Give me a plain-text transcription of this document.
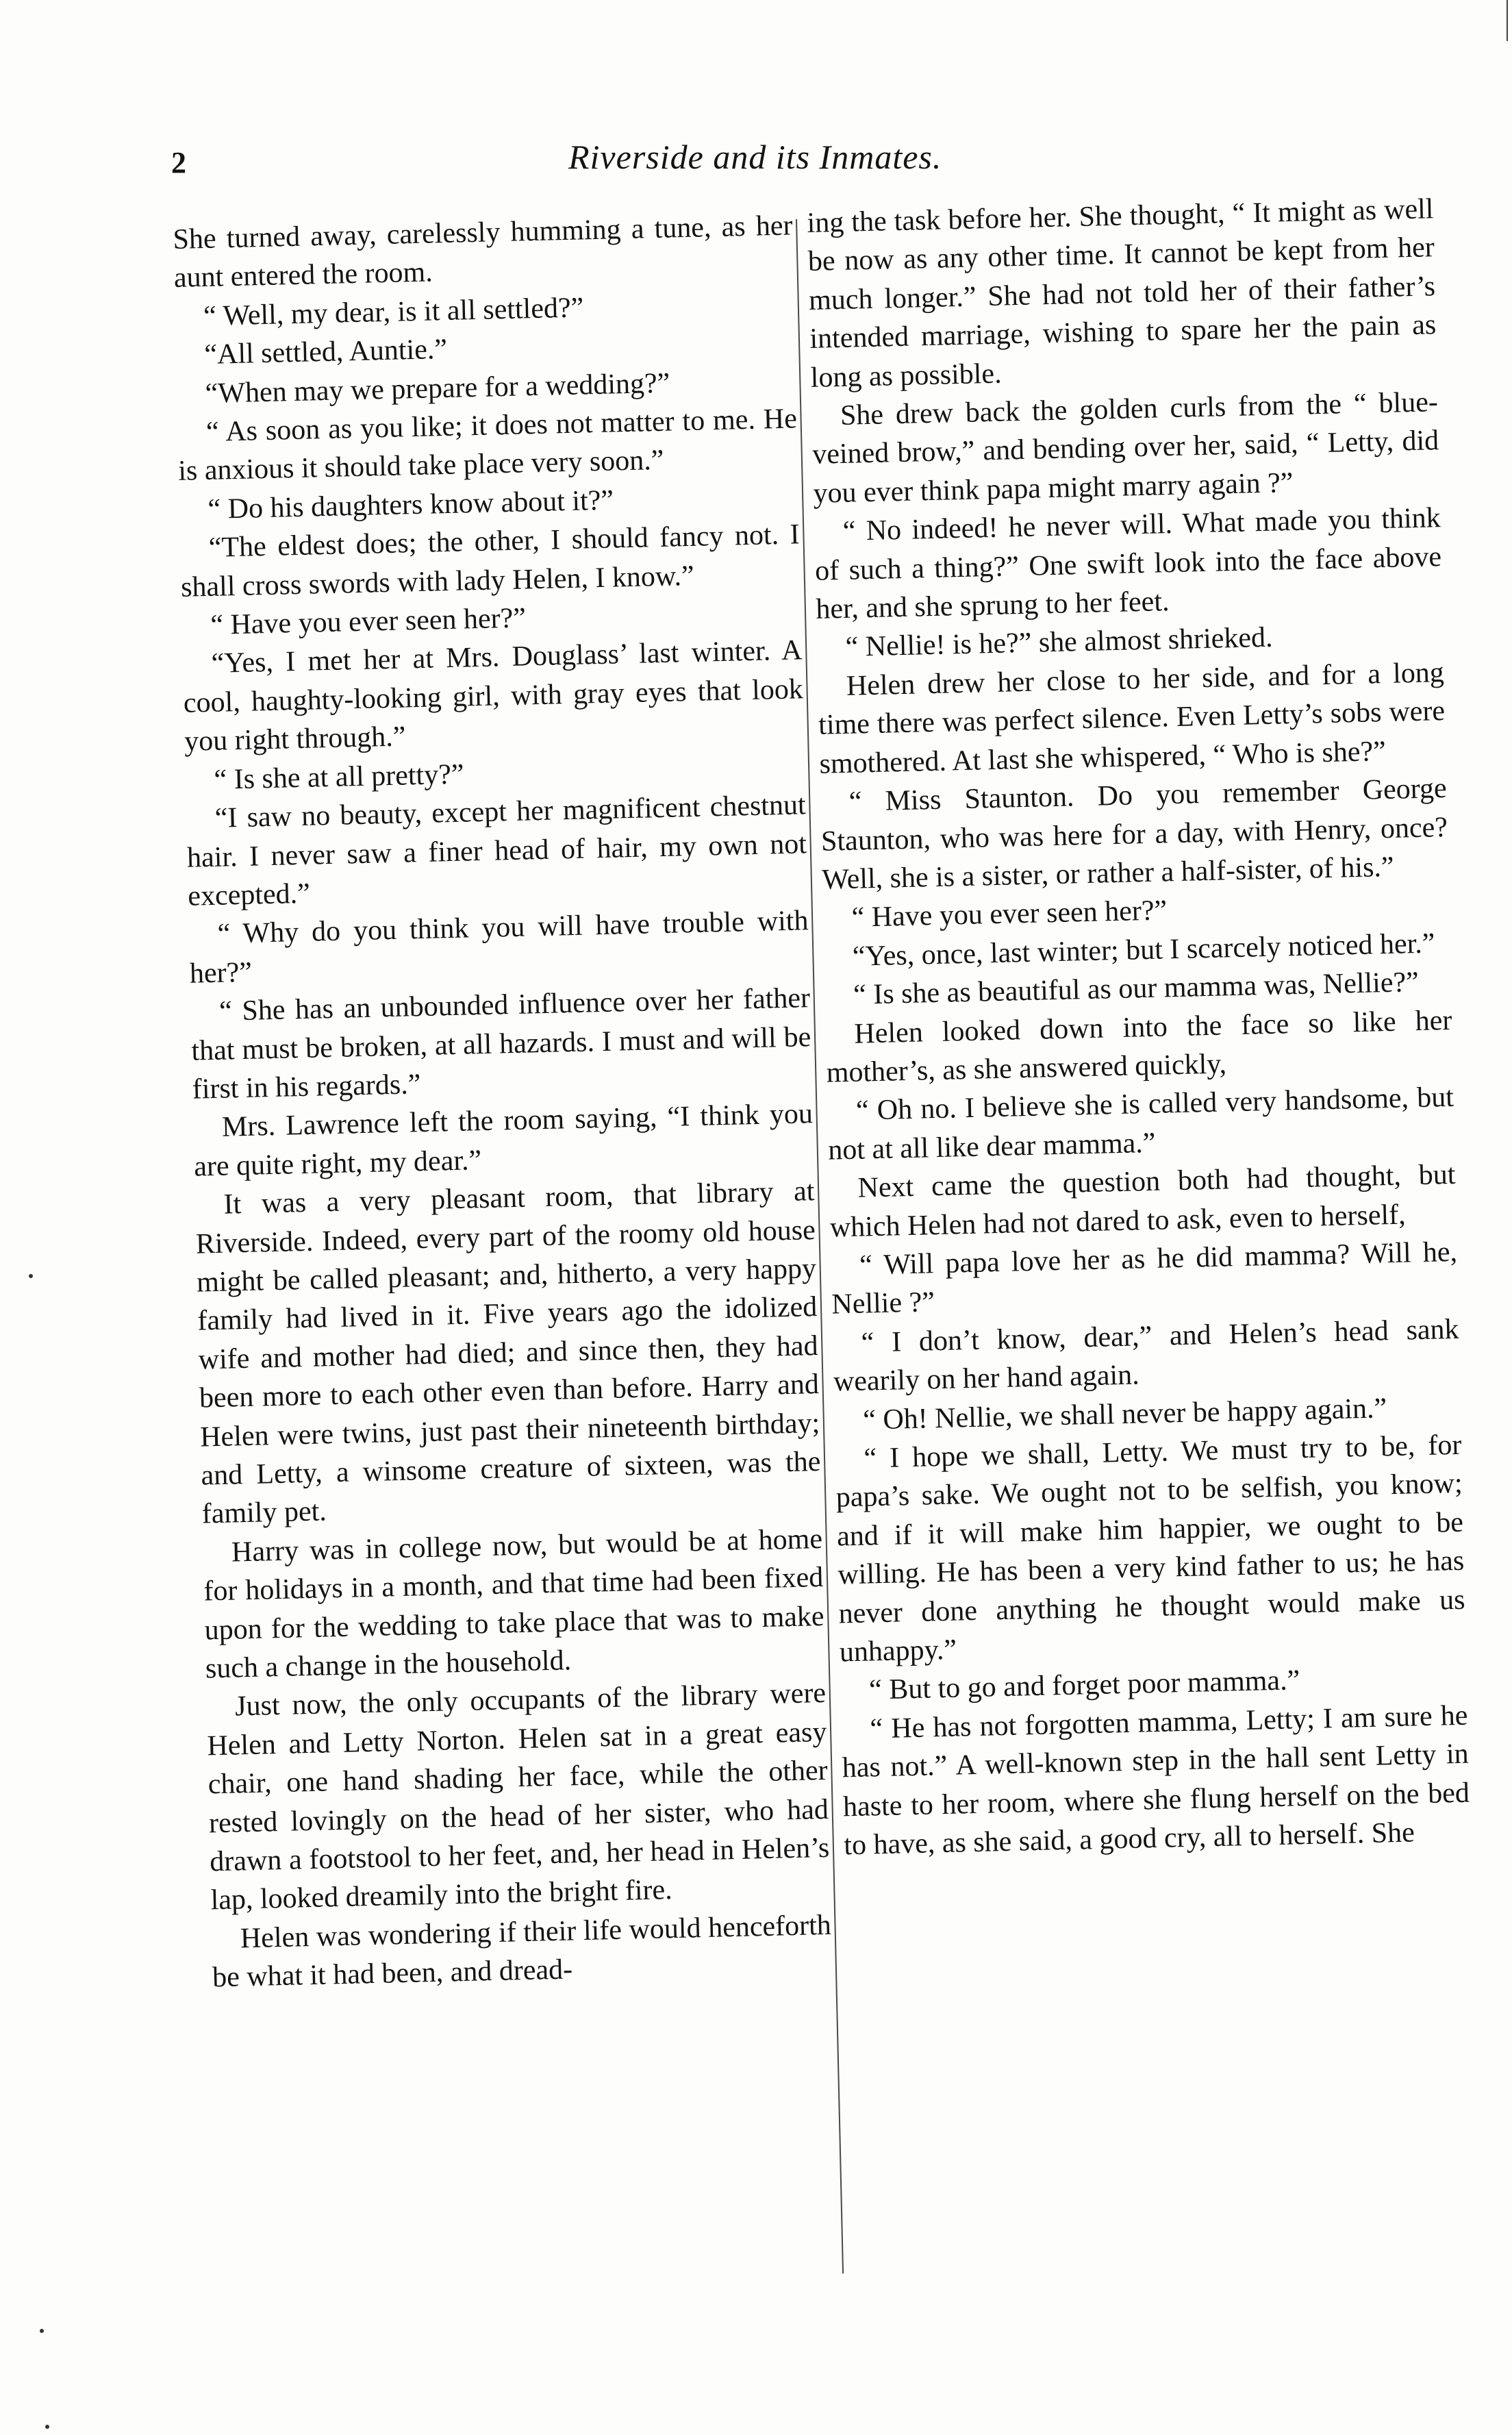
2	Riverside and its Inmates.

She turned away, carelessly humming a tune, as her aunt entered the room.

“ Well, my dear, is it all settled?”

“All settled, Auntie.”

“When may we prepare for a wedding?”

“ As soon as you like; it does not matter to me. He is anxious it should take place very soon.”

“ Do his daughters know about it?”

“The eldest does; the other, I should fancy not. I shall cross swords with lady Helen, I know.”

“ Have you ever seen her?”

“Yes, I met her at Mrs. Douglass’ last winter. A cool, haughty-looking girl, with gray eyes that look you right through.”

“ Is she at all pretty?”

“I saw no beauty, except her magnificent chestnut hair. I never saw a finer head of hair, my own not excepted.”

“ Why do you think you will have trouble with her?”

“ She has an unbounded influence over her father that must be broken, at all hazards. I must and will be first in his regards.”

Mrs. Lawrence left the room saying, “I think you are quite right, my dear.”

It was a very pleasant room, that library at Riverside. Indeed, every part of the roomy old house might be called pleasant; and, hitherto, a very happy family had lived in it. Five years ago the idolized wife and mother had died; and since then, they had been more to each other even than before. Harry and Helen were twins, just past their nineteenth birthday; and Letty, a winsome creature of sixteen, was the family pet.

Harry was in college now, but would be at home for holidays in a month, and that time had been fixed upon for the wedding to take place that was to make such a change in the household.

Just now, the only occupants of the library were Helen and Letty Norton. Helen sat in a great easy chair, one hand shading her face, while the other rested lovingly on the head of her sister, who had drawn a footstool to her feet, and, her head in Helen’s lap, looked dreamily into the bright fire.

Helen was wondering if their life would henceforth be what it had been, and dread-

ing the task before her. She thought, “ It might as well be now as any other time. It cannot be kept from her much longer.” She had not told her of their father’s intended marriage, wishing to spare her the pain as long as possible.

She drew back the golden curls from the “ blue-veined brow,” and bending over her, said, “ Letty, did you ever think papa might marry again ?”

“ No indeed! he never will. What made you think of such a thing?” One swift look into the face above her, and she sprung to her feet.

“ Nellie! is he?” she almost shrieked.

Helen drew her close to her side, and for a long time there was perfect silence. Even Letty’s sobs were smothered. At last she whispered, “ Who is she?”

“ Miss Staunton. Do you remember George Staunton, who was here for a day, with Henry, once? Well, she is a sister, or rather a half-sister, of his.”

“ Have you ever seen her?”

“Yes, once, last winter; but I scarcely noticed her.”

“ Is she as beautiful as our mamma was, Nellie?”

Helen looked down into the face so like her mother’s, as she answered quickly,

“ Oh no. I believe she is called very handsome, but not at all like dear mamma.”

Next came the question both had thought, but which Helen had not dared to ask, even to herself,

“ Will papa love her as he did mamma? Will he, Nellie ?”

“ I don’t know, dear,” and Helen’s head sank wearily on her hand again.

“ Oh! Nellie, we shall never be happy again.”

“ I hope we shall, Letty. We must try to be, for papa’s sake. We ought not to be selfish, you know; and if it will make him happier, we ought to be willing. He has been a very kind father to us; he has never done anything he thought would make us unhappy.”

“ But to go and forget poor mamma.”

“ He has not forgotten mamma, Letty; I am sure he has not.” A well-known step in the hall sent Letty in haste to her room, where she flung herself on the bed to have, as she said, a good cry, all to herself. She
